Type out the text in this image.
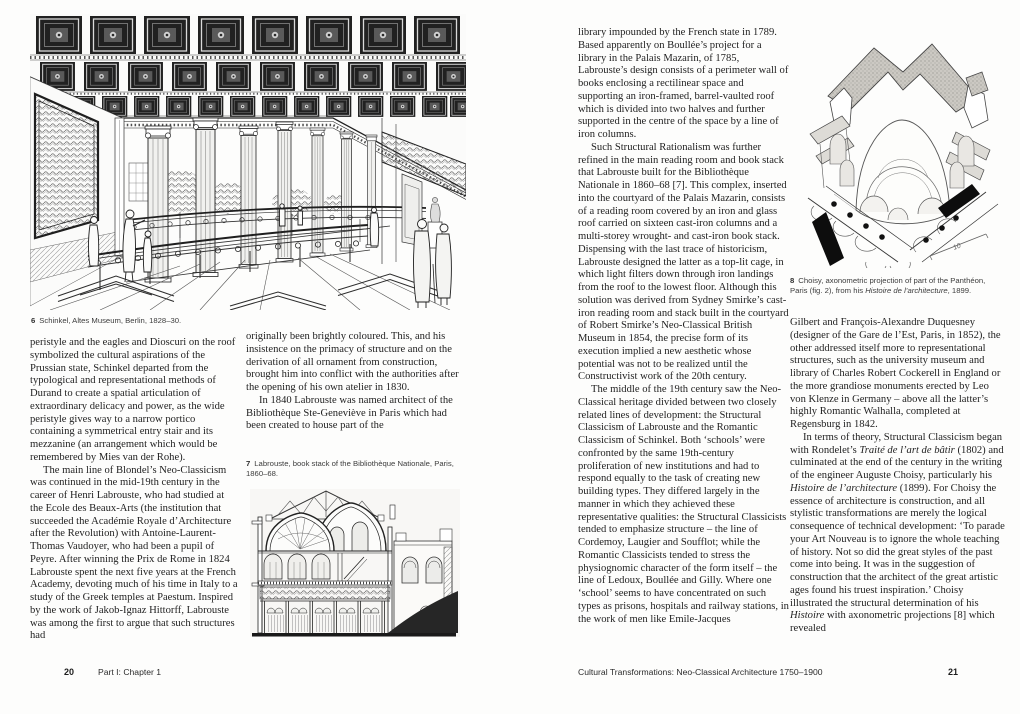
6 Schinkel, Altes Museum, Berlin, 1828–30.

peristyle and the eagles and Dioscuri on the roof symbolized the cultural aspirations of the Prussian state, Schinkel departed from the typological and representational methods of Durand to create a spatial articulation of extraordinary delicacy and power, as the wide peristyle gives way to a narrow portico containing a symmetrical entry stair and its mezzanine (an arrangement which would be remembered by Mies van der Rohe).

The main line of Blondel’s Neo-Classicism was continued in the mid-19th century in the career of Henri Labrouste, who had studied at the Ecole des Beaux-Arts (the institution that succeeded the Académie Royale d’Architecture after the Revolution) with Antoine-Laurent-Thomas Vaudoyer, who had been a pupil of Peyre. After winning the Prix de Rome in 1824 Labrouste spent the next five years at the French Academy, devoting much of his time in Italy to a study of the Greek temples at Paestum. Inspired by the work of Jakob-Ignaz Hittorff, Labrouste was among the first to argue that such structures had

originally been brightly coloured. This, and his insistence on the primacy of structure and on the derivation of all ornament from construction, brought him into conflict with the authorities after the opening of his own atelier in 1830.

In 1840 Labrouste was named architect of the Bibliothèque Ste-Geneviève in Paris which had been created to house part of the

7 Labrouste, book stack of the Bibliothèque Nationale, Paris, 1860–68.
20	Part I: Chapter 1

library impounded by the French state in 1789. Based apparently on Boullée’s project for a library in the Palais Mazarin, of 1785, Labrouste’s design consists of a perimeter wall of books enclosing a rectilinear space and supporting an iron-framed, barrel-vaulted roof which is divided into two halves and further supported in the centre of the space by a line of iron columns.

Such Structural Rationalism was further refined in the main reading room and book stack that Labrouste built for the Bibliothèque Nationale in 1860–68 [7]. This complex, inserted into the courtyard of the Palais Mazarin, consists of a reading room covered by an iron and glass roof carried on sixteen cast-iron columns and a multi-storey wrought- and cast-iron book stack. Dispensing with the last trace of historicism, Labrouste designed the latter as a top-lit cage, in which light filters down through iron landings from the roof to the lowest floor. Although this solution was derived from Sydney Smirke’s cast-iron reading room and stack built in the courtyard of Robert Smirke’s Neo-Classical British Museum in 1854, the precise form of its execution implied a new aesthetic whose potential was not to be realized until the Constructivist work of the 20th century.

The middle of the 19th century saw the Neo-Classical heritage divided between two closely related lines of development: the Structural Classicism of Labrouste and the Romantic Classicism of Schinkel. Both ‘schools’ were confronted by the same 19th-century proliferation of new institutions and had to respond equally to the task of creating new building types. They differed largely in the manner in which they achieved these representative qualities: the Structural Classicists tended to emphasize structure – the line of Cordemoy, Laugier and Soufflot; while the Romantic Classicists tended to stress the physiognomic character of the form itself – the line of Ledoux, Boullée and Gilly. Where one ‘school’ seems to have concentrated on such types as prisons, hospitals and railway stations, in the work of men like Emile-Jacques

10
8 Choisy, axonometric projection of part of the Panthéon, Paris (fig. 2), from his Histoire de l’architecture, 1899.

Gilbert and François-Alexandre Duquesney (designer of the Gare de l’Est, Paris, in 1852), the other addressed itself more to representational structures, such as the university museum and library of Charles Robert Cockerell in England or the more grandiose monuments erected by Leo von Klenze in Germany – above all the latter’s highly Romantic Walhalla, completed at Regensburg in 1842.

In terms of theory, Structural Classicism began with Rondelet’s Traité de l’art de bâtir (1802) and culminated at the end of the century in the writing of the engineer Auguste Choisy, particularly his Histoire de l’architecture (1899). For Choisy the essence of architecture is construction, and all stylistic transformations are merely the logical consequence of technical development: ‘To parade your Art Nouveau is to ignore the whole teaching of history. Not so did the great styles of the past come into being. It was in the suggestion of construction that the architect of the great artistic ages found his truest inspiration.’ Choisy illustrated the structural determination of his Histoire with axonometric projections [8] which revealed

Cultural Transformations: Neo-Classical Architecture 1750–1900	21
